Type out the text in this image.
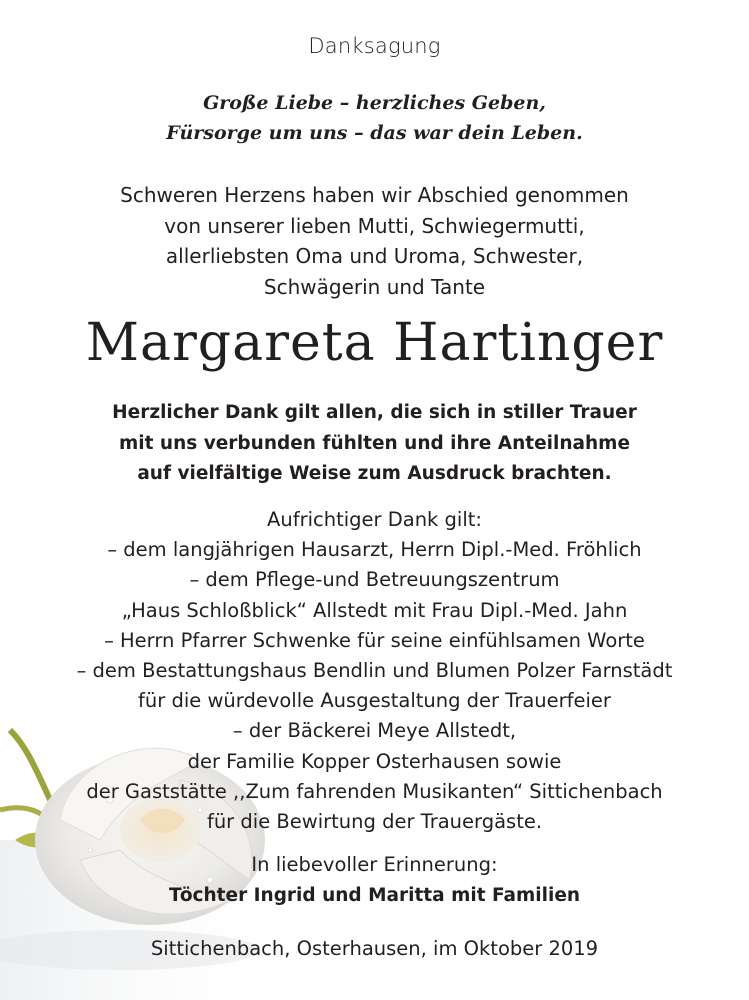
Danksagung
Große Liebe – herzliches Geben,
Fürsorge um uns – das war dein Leben.
Schweren Herzens haben wir Abschied genommen
von unserer lieben Mutti, Schwiegermutti,
allerliebsten Oma und Uroma, Schwester,
Schwägerin und Tante
Margareta Hartinger
Herzlicher Dank gilt allen, die sich in stiller Trauer
mit uns verbunden fühlten und ihre Anteilnahme
auf vielfältige Weise zum Ausdruck brachten.
Aufrichtiger Dank gilt:
– dem langjährigen Hausarzt, Herrn Dipl.-Med. Fröhlich
– dem Pflege-und Betreuungszentrum
„Haus Schloßblick“ Allstedt mit Frau Dipl.-Med. Jahn
– Herrn Pfarrer Schwenke für seine einfühlsamen Worte
– dem Bestattungshaus Bendlin und Blumen Polzer Farnstädt
für die würdevolle Ausgestaltung der Trauerfeier
– der Bäckerei Meye Allstedt,
der Familie Kopper Osterhausen sowie
der Gaststätte ,,Zum fahrenden Musikanten“ Sittichenbach
für die Bewirtung der Trauergäste.
In liebevoller Erinnerung:
Töchter Ingrid und Maritta mit Familien
Sittichenbach, Osterhausen, im Oktober 2019
